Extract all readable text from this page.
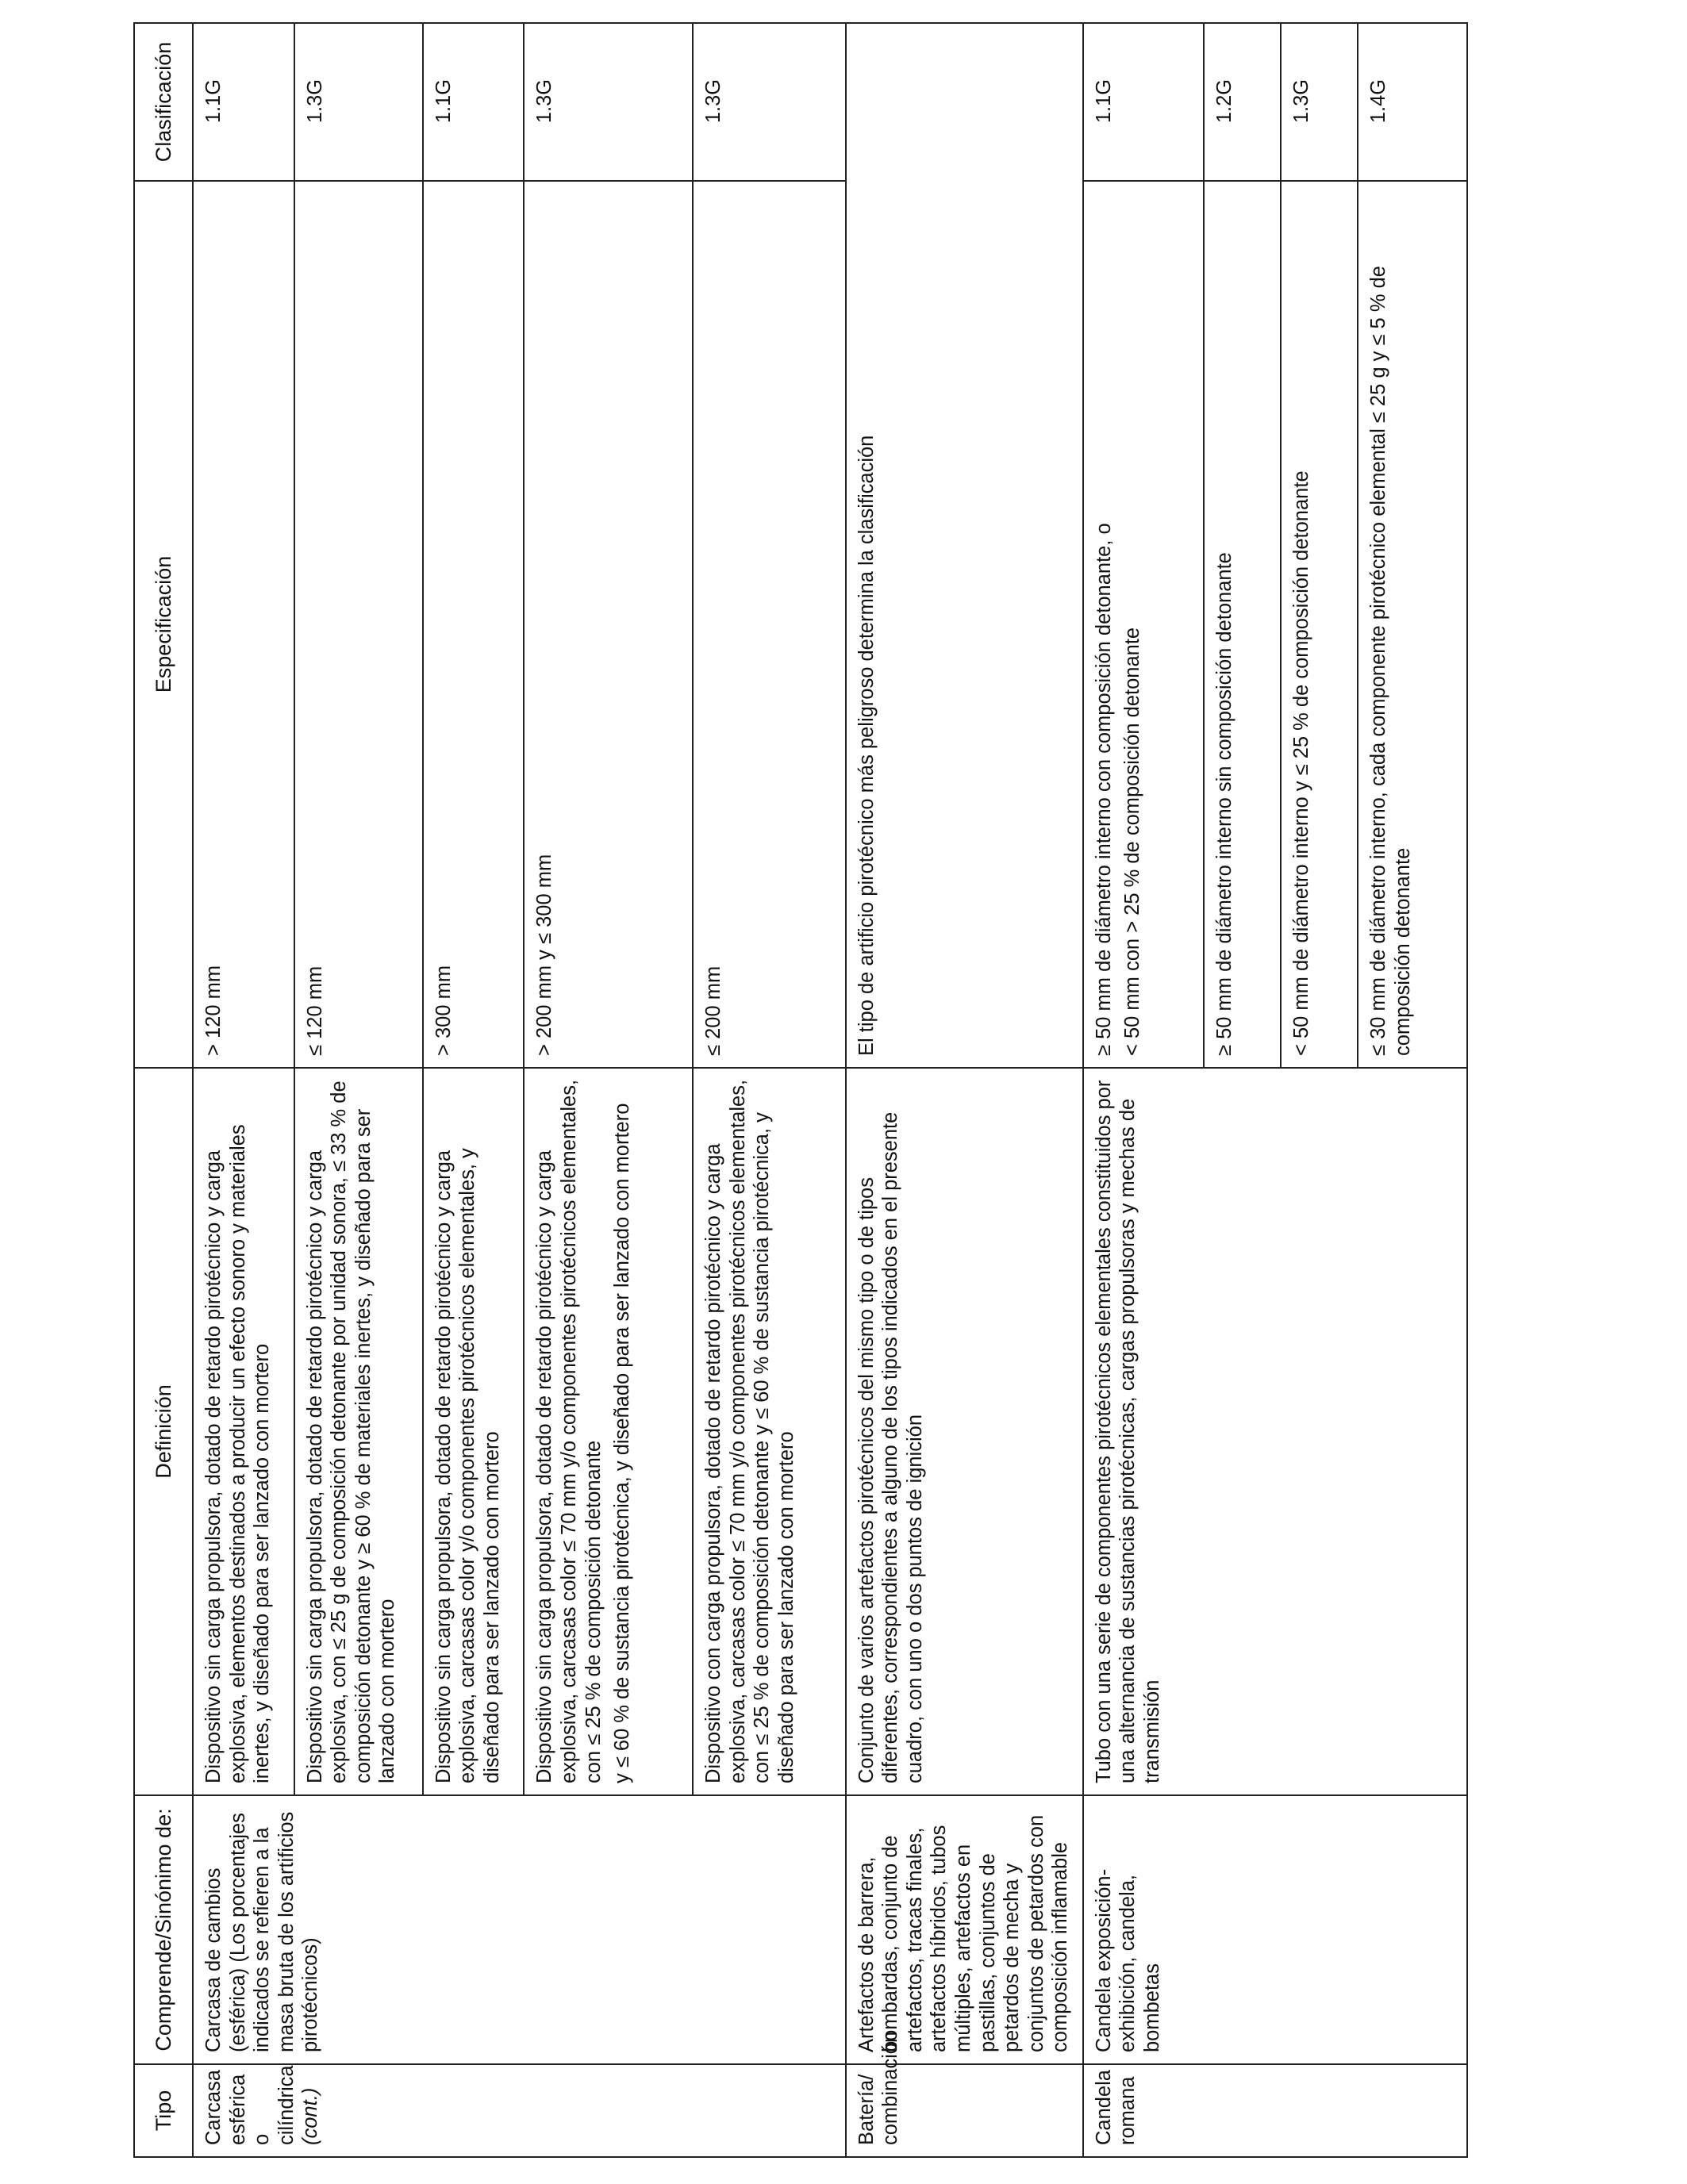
Tipo	Comprende/Sinónimo de:	Definición	Especificación	Clasificación

Carcasa esférica o cilíndrica (cont.)	Carcasa de cambios (esférica) (Los porcentajes indicados se refieren a la masa bruta de los artificios pirotécnicos)	Dispositivo sin carga propulsora, dotado de retardo pirotécnico y carga explosiva, elementos destinados a producir un efecto sonoro y materiales inertes, y diseñado para ser lanzado con mortero	> 120 mm	1.1G
		Dispositivo sin carga propulsora, dotado de retardo pirotécnico y carga explosiva, con ≤ 25 g de composición detonante por unidad sonora, ≤ 33 % de composición detonante y ≥ 60 % de materiales inertes, y diseñado para ser lanzado con mortero	≤ 120 mm	1.3G
		Dispositivo sin carga propulsora, dotado de retardo pirotécnico y carga explosiva, carcasas color y/o componentes pirotécnicos elementales, y diseñado para ser lanzado con mortero	> 300 mm	1.1G

		Dispositivo sin carga propulsora, dotado de retardo pirotécnico y carga explosiva, carcasas color ≤ 70 mm y/o componentes pirotécnicos elementales, con ≤ 25 % de composición detonante y ≤ 60 % de sustancia pirotécnica, y diseñado para ser lanzado con mortero	> 200 mm y ≤ 300 mm	1.3G
		Dispositivo con carga propulsora, dotado de retardo pirotécnico y carga explosiva, carcasas color ≤ 70 mm y/o componentes pirotécnicos elementales, con ≤ 25 % de composición detonante y ≤ 60 % de sustancia pirotécnica, y diseñado para ser lanzado con mortero	≤ 200 mm	1.3G

Batería/ combinación	Artefactos de barrera, bombardas, conjunto de artefactos, tracas finales, artefactos híbridos, tubos múltiples, artefactos en pastillas, conjuntos de petardos de mecha y conjuntos de petardos con composición inflamable	Conjunto de varios artefactos pirotécnicos del mismo tipo o de tipos diferentes, correspondientes a alguno de los tipos indicados en el presente cuadro, con uno o dos puntos de ignición	El tipo de artificio pirotécnico más peligroso determina la clasificación	

Candela romana	Candela exposición-exhibición, candela, bombetas	Tubo con una serie de componentes pirotécnicos elementales constituidos por una alternancia de sustancias pirotécnicas, cargas propulsoras y mechas de transmisión	≥ 50 mm de diámetro interno con composición detonante, o < 50 mm con > 25 % de composición detonante	1.1G
			≥ 50 mm de diámetro interno sin composición detonante	1.2G
			< 50 mm de diámetro interno y ≤ 25 % de composición detonante	1.3G
			≤ 30 mm de diámetro interno, cada componente pirotécnico elemental ≤ 25 g y ≤ 5 % de composición detonante	1.4G
